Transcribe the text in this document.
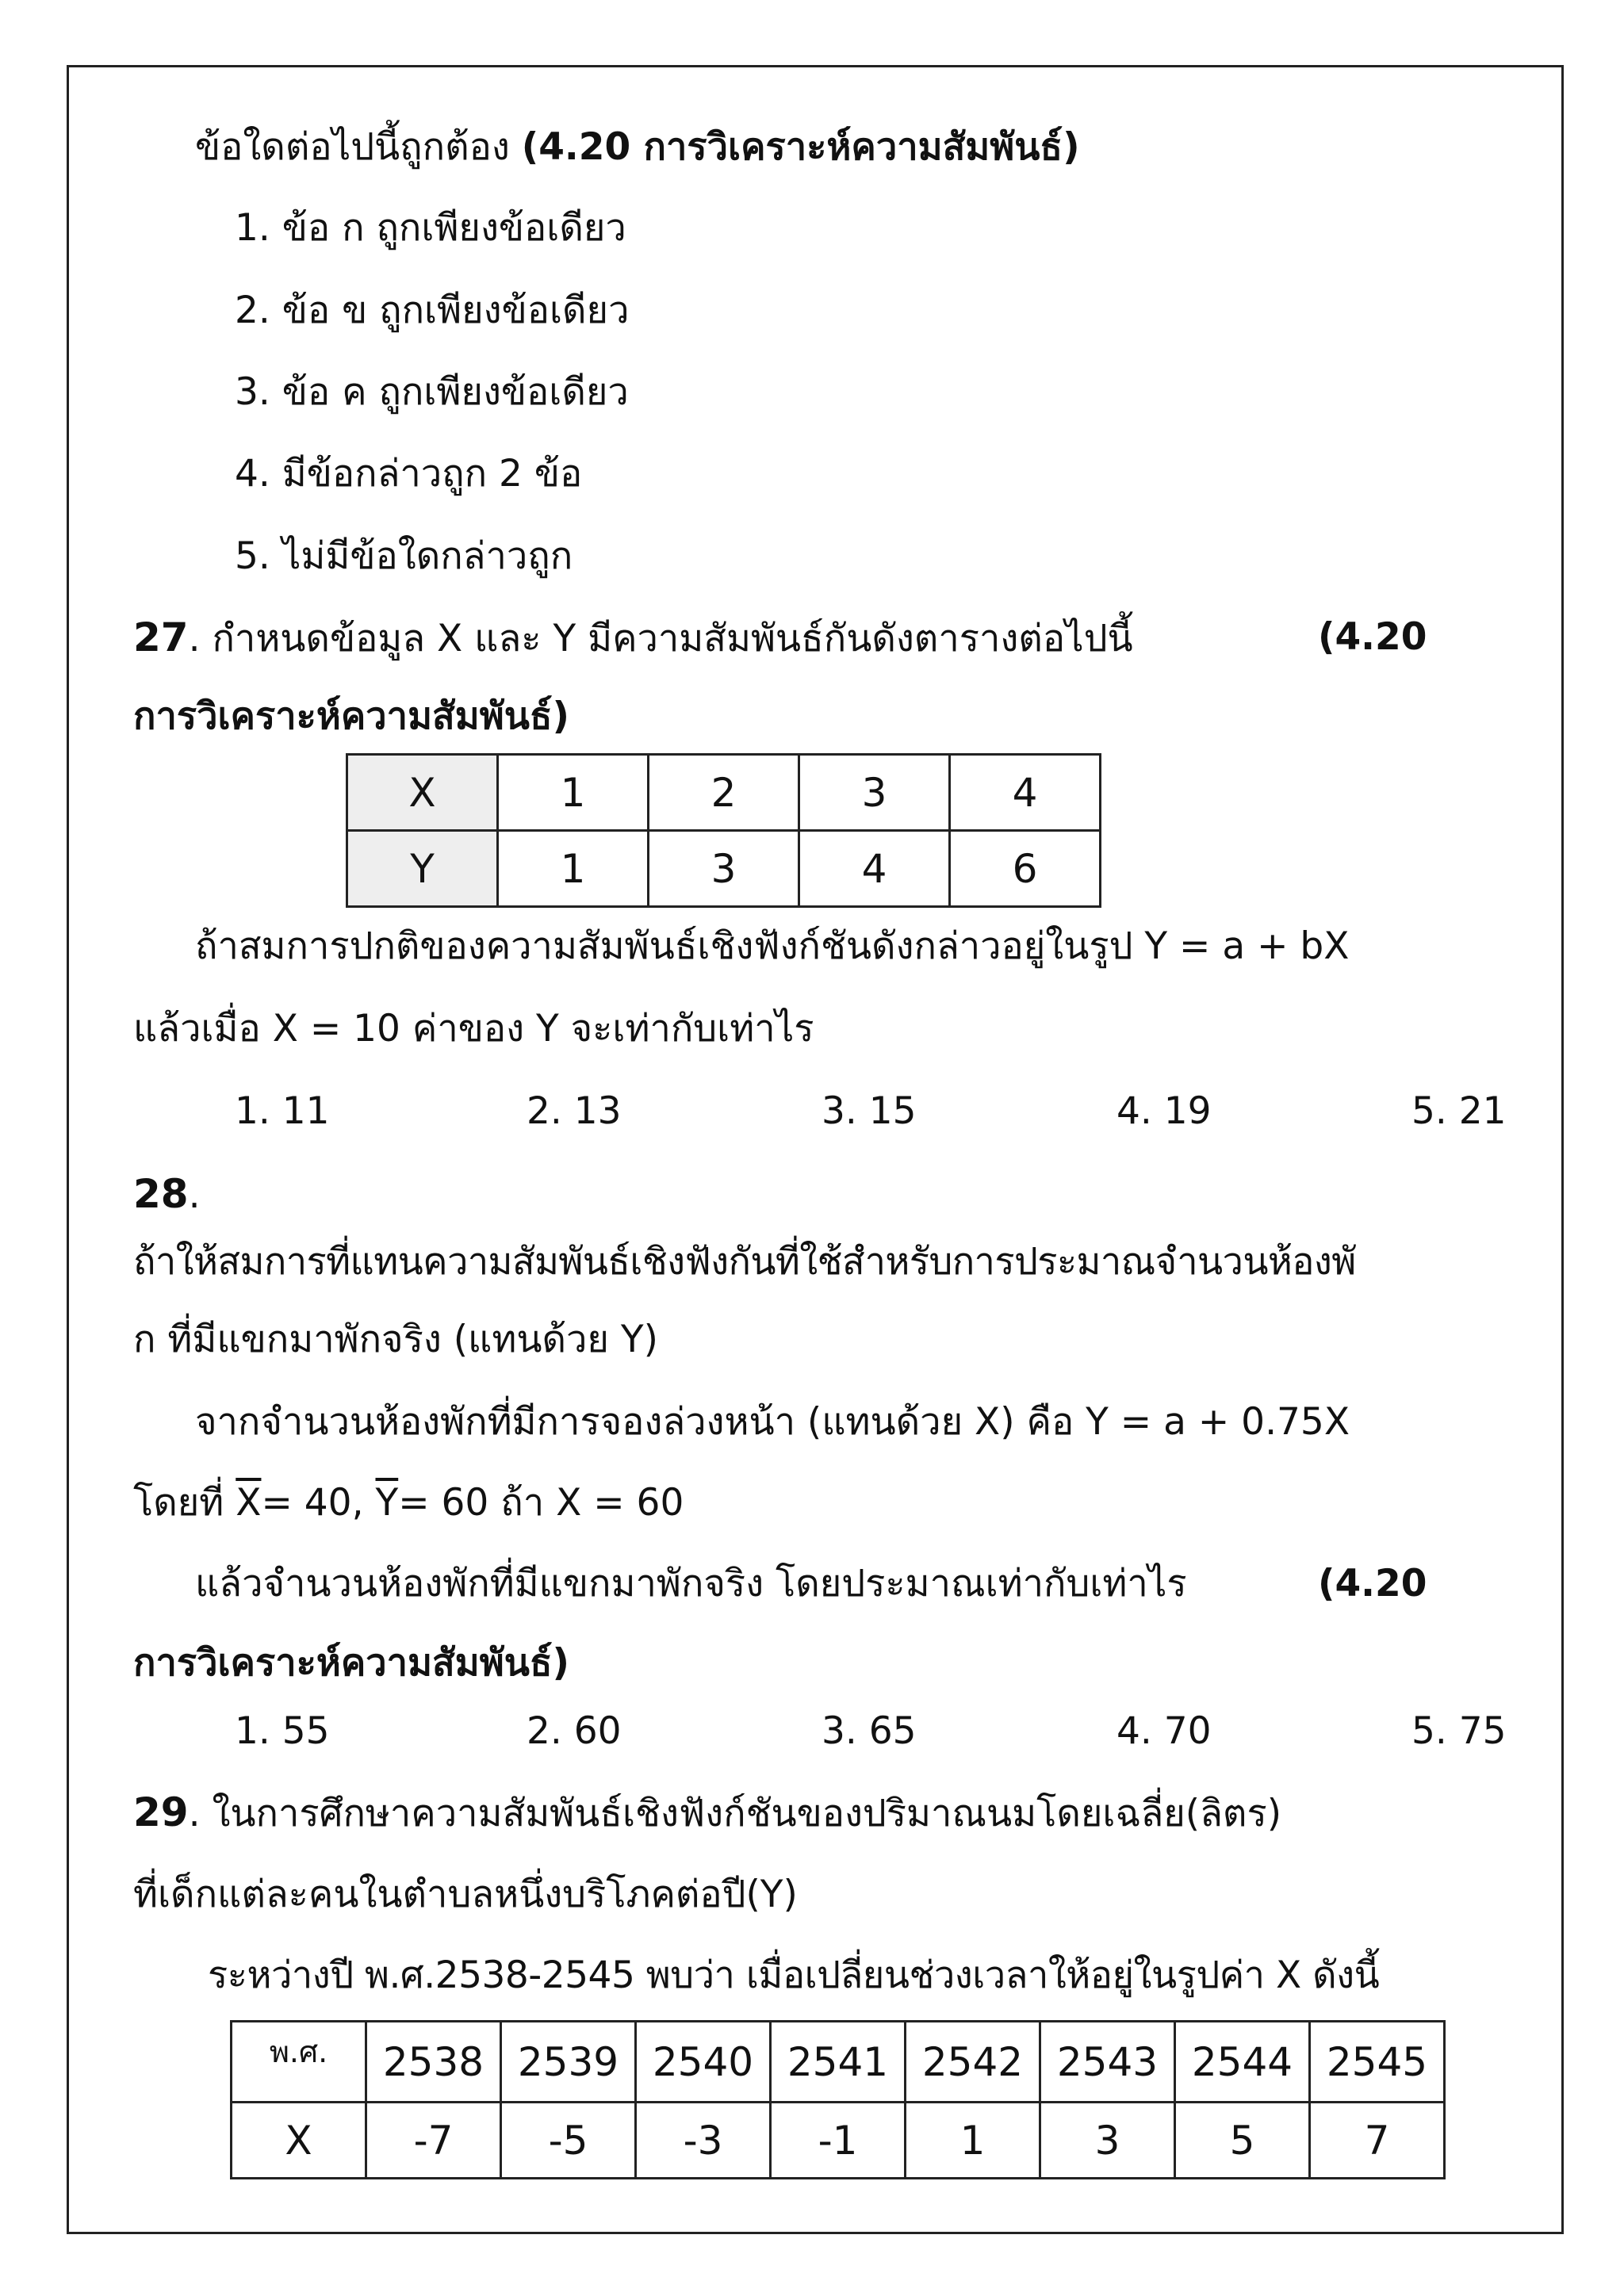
ข้อใดต่อไปนี้ถูกต้อง (4.20 การวิเคราะห์ความสัมพันธ์)
1. ข้อ ก ถูกเพียงข้อเดียว
2. ข้อ ข ถูกเพียงข้อเดียว
3. ข้อ ค ถูกเพียงข้อเดียว
4. มีข้อกล่าวถูก 2 ข้อ
5. ไม่มีข้อใดกล่าวถูก
27. กำหนดข้อมูล X และ Y มีความสัมพันธ์กันดังตารางต่อไปนี้	(4.20
การวิเคราะห์ความสัมพันธ์)
X	1	2	3	4
Y	1	3	4	6
ถ้าสมการปกติของความสัมพันธ์เชิงฟังก์ชันดังกล่าวอยู่ในรูป Y = a + bX
แล้วเมื่อ X = 10 ค่าของ Y จะเท่ากับเท่าไร
1. 11	2. 13	3. 15	4. 19	5. 21
28.
ถ้าให้สมการที่แทนความสัมพันธ์เชิงฟังกันที่ใช้สำหรับการประมาณจำนวนห้องพั
ก ที่มีแขกมาพักจริง (แทนด้วย Y)
จากจำนวนห้องพักที่มีการจองล่วงหน้า (แทนด้วย X) คือ Y = a + 0.75X
โดยที่ $\overline{X}= 40$, $\overline{Y}= 60$ ถ้า X = 60
แล้วจำนวนห้องพักที่มีแขกมาพักจริง โดยประมาณเท่ากับเท่าไร	(4.20
การวิเคราะห์ความสัมพันธ์)
1. 55	2. 60	3. 65	4. 70	5. 75
29. ในการศึกษาความสัมพันธ์เชิงฟังก์ชันของปริมาณนมโดยเฉลี่ย(ลิตร)
ที่เด็กแต่ละคนในตำบลหนึ่งบริโภคต่อปี(Y)
ระหว่างปี พ.ศ.2538-2545 พบว่า เมื่อเปลี่ยนช่วงเวลาให้อยู่ในรูปค่า X ดังนี้
พ.ศ.	2538	2539	2540	2541	2542	2543	2544	2545
X	-7	-5	-3	-1	1	3	5	7
